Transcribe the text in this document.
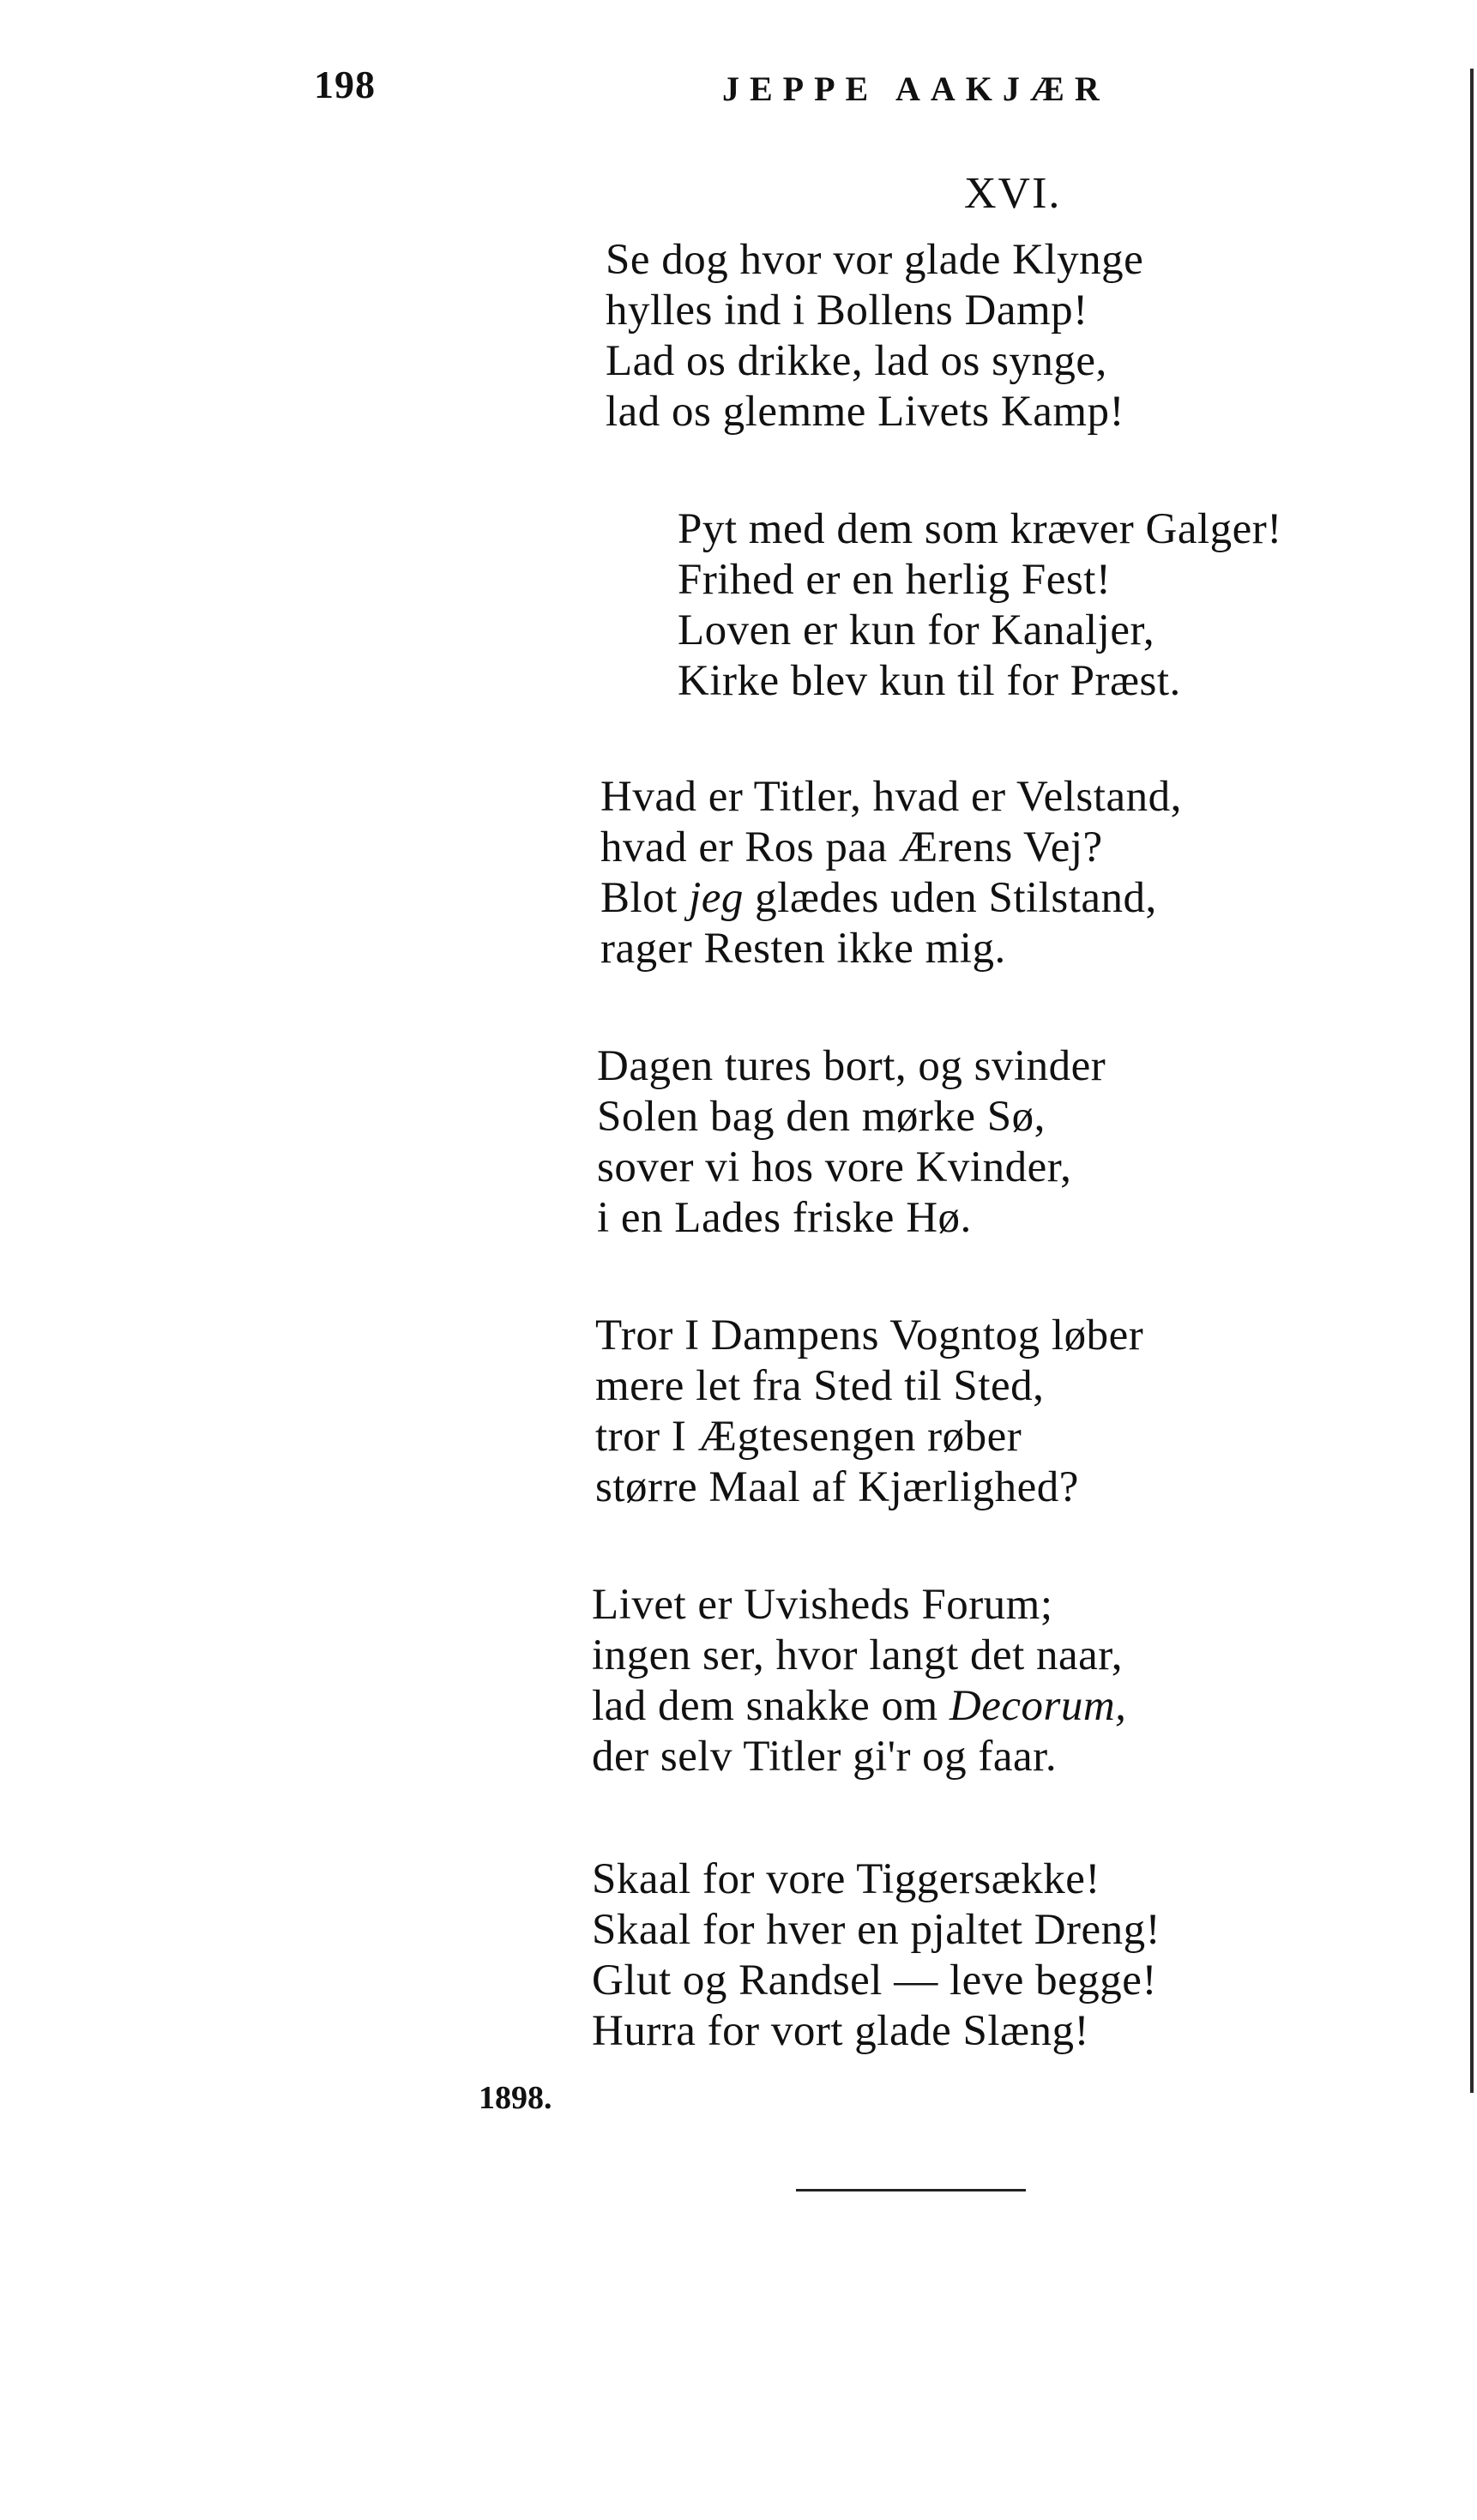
198	JEPPE AAKJÆR
XVI.
Se dog hvor vor glade Klynge
hylles ind i Bollens Damp!
Lad os drikke, lad os synge,
lad os glemme Livets Kamp!
Pyt med dem som kræver Galger!
Frihed er en herlig Fest!
Loven er kun for Kanaljer,
Kirke blev kun til for Præst.
Hvad er Titler, hvad er Velstand,
hvad er Ros paa Ærens Vej?
Blot jeg glædes uden Stilstand,
rager Resten ikke mig.
Dagen tures bort, og svinder
Solen bag den mørke Sø,
sover vi hos vore Kvinder,
i en Lades friske Hø.
Tror I Dampens Vogntog løber
mere let fra Sted til Sted,
tror I Ægtesengen røber
større Maal af Kjærlighed?
Livet er Uvisheds Forum;
ingen ser, hvor langt det naar,
lad dem snakke om Decorum,
der selv Titler gi'r og faar.
Skaal for vore Tiggersække!
Skaal for hver en pjaltet Dreng!
Glut og Randsel — leve begge!
Hurra for vort glade Slæng!
1898.
